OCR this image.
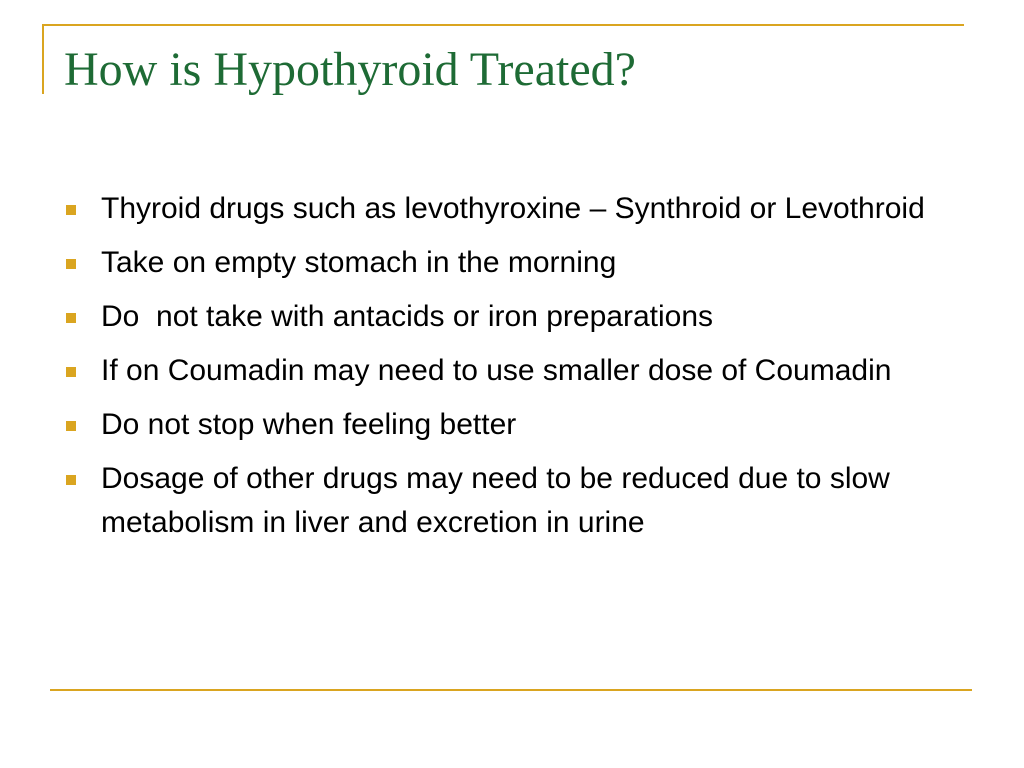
How is Hypothyroid Treated?
Thyroid drugs such as levothyroxine – Synthroid or Levothroid
Take on empty stomach in the morning
Do  not take with antacids or iron preparations
If on Coumadin may need to use smaller dose of Coumadin
Do not stop when feeling better
Dosage of other drugs may need to be reduced due to slow metabolism in liver and excretion in urine
